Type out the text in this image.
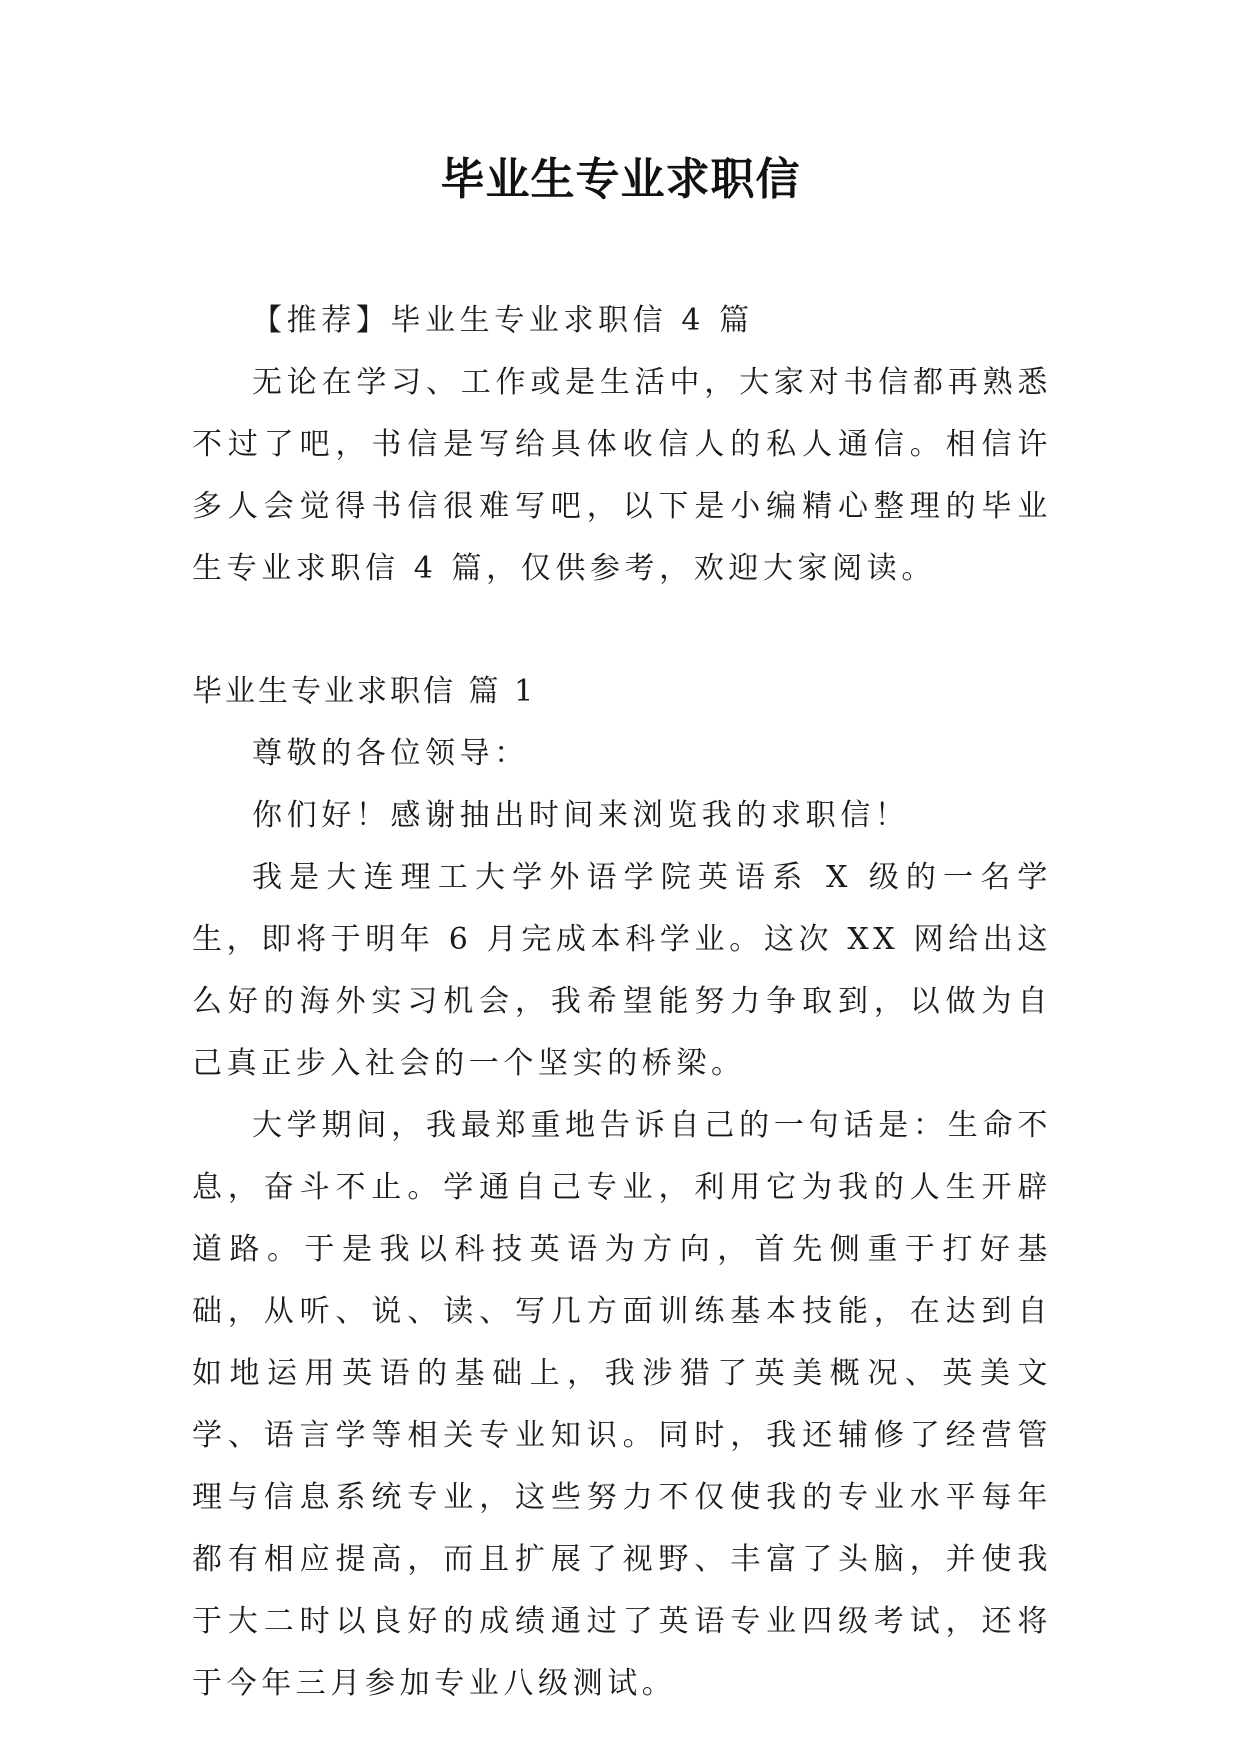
毕业生专业求职信

【推荐】毕业生专业求职信 4 篇

无论在学习、工作或是生活中，大家对书信都再熟悉不过了吧，书信是写给具体收信人的私人通信。相信许多人会觉得书信很难写吧，以下是小编精心整理的毕业生专业求职信 4 篇，仅供参考，欢迎大家阅读。

毕业生专业求职信 篇 1

尊敬的各位领导：

你们好！感谢抽出时间来浏览我的求职信！

我是大连理工大学外语学院英语系 X 级的一名学生，即将于明年 6 月完成本科学业。这次 XX 网给出这么好的海外实习机会，我希望能努力争取到，以做为自己真正步入社会的一个坚实的桥梁。

大学期间，我最郑重地告诉自己的一句话是：生命不息，奋斗不止。学通自己专业，利用它为我的人生开辟道路。于是我以科技英语为方向，首先侧重于打好基础，从听、说、读、写几方面训练基本技能，在达到自如地运用英语的基础上，我涉猎了英美概况、英美文学、语言学等相关专业知识。同时，我还辅修了经营管理与信息系统专业，这些努力不仅使我的专业水平每年都有相应提高，而且扩展了视野、丰富了头脑，并使我于大二时以良好的成绩通过了英语专业四级考试，还将于今年三月参加专业八级测试。
